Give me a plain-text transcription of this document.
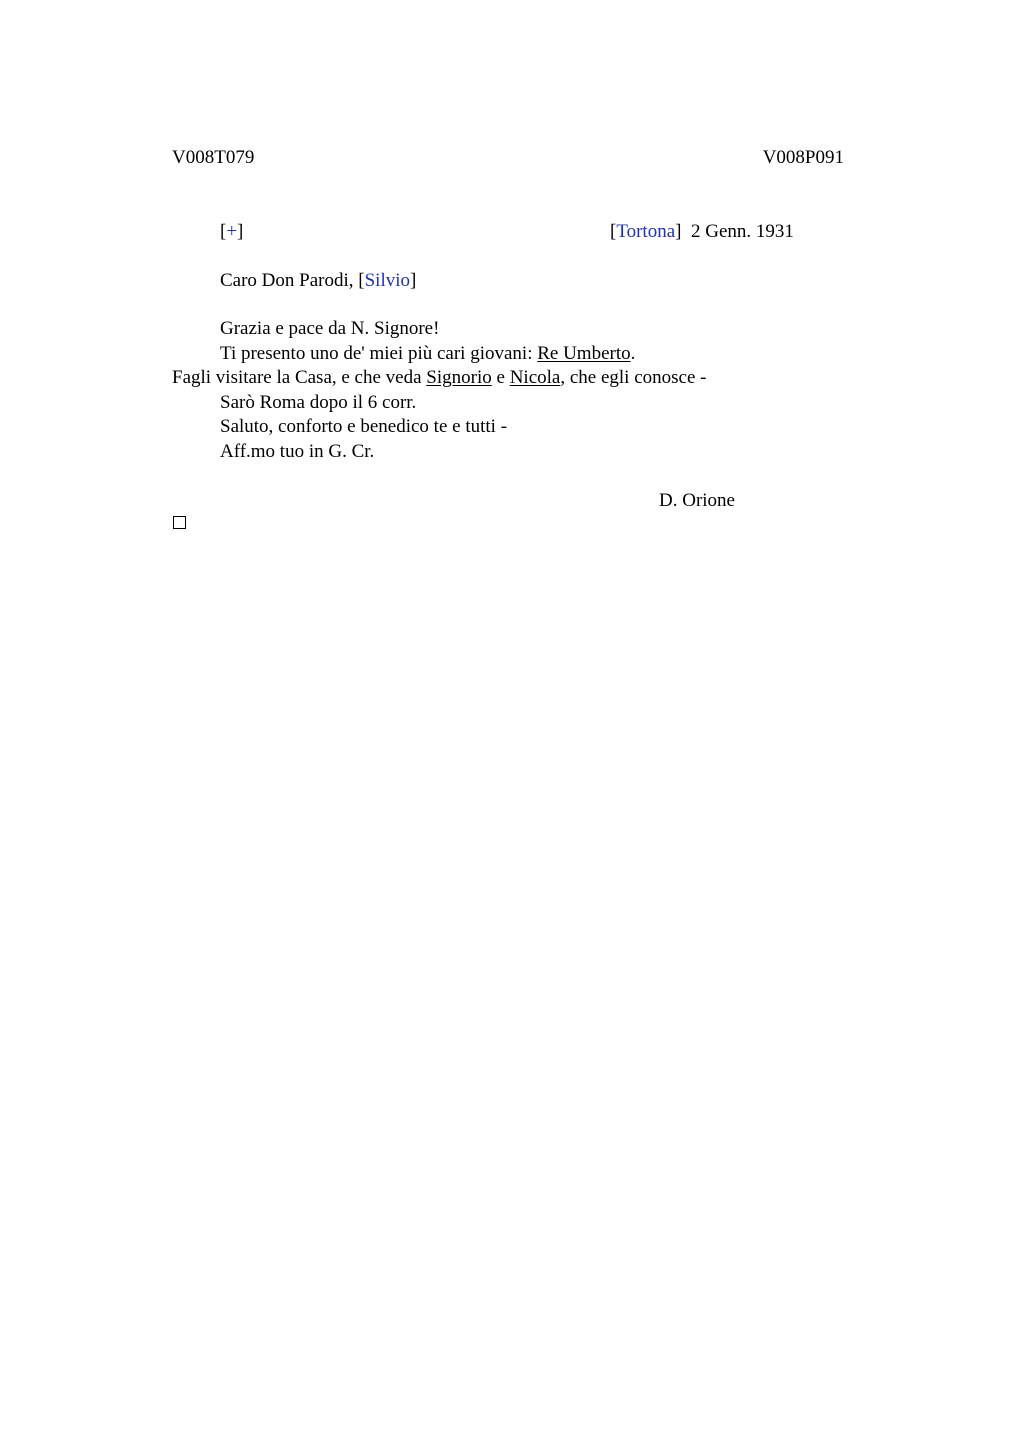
V008T079	V008P091
[+]	[Tortona] 2 Genn. 1931
Caro Don Parodi, [Silvio]
Grazia e pace da N. Signore!
Ti presento uno de' miei più cari giovani: Re Umberto.
Fagli visitare la Casa, e che veda Signorio e Nicola, che egli conosce -
Sarò Roma dopo il 6 corr.
Saluto, conforto e benedico te e tutti -
Aff.mo tuo in G. Cr.
D. Orione
